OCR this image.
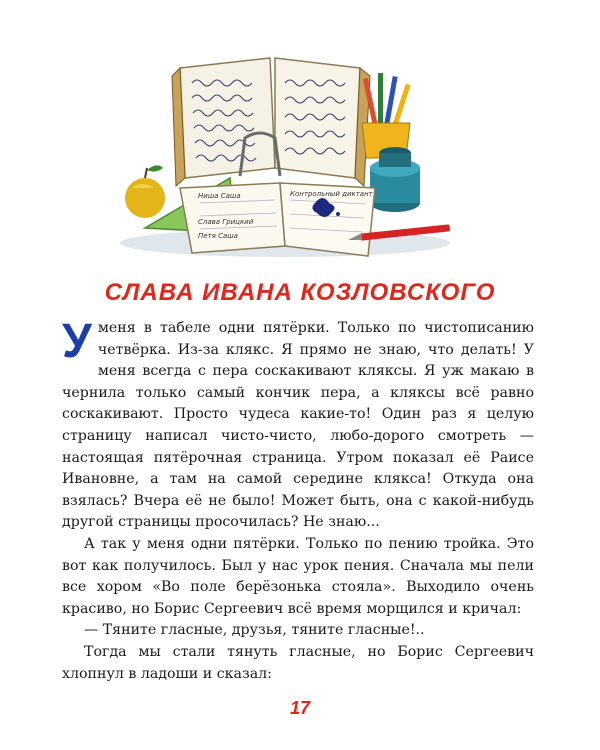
Ниша Саша	Контрольный диктант
Слава Грицкий
Петя Саша
СЛАВА ИВАНА КОЗЛОВСКОГО

Уменя в табеле одни пятёрки. Только по чистописанию четвёрка. Из-за клякс. Я прямо не знаю, что делать! У меня всегда с пера соскакивают кляксы. Я уж макаю в чернила только самый кончик пера, а кляксы всё равно соскакивают. Просто чудеса какие-то! Один раз я целую страницу написал чисто-чисто, любо-дорого смотреть — настоящая пятёрочная страница. Утром показал её Раисе Ивановне, а там на самой середине клякса! Откуда она взялась? Вчера её не было! Может быть, она с какой-нибудь другой страницы просочилась? Не знаю...

А так у меня одни пятёрки. Только по пению тройка. Это вот как получилось. Был у нас урок пения. Сначала мы пели все хором «Во поле берёзонька стояла». Выходило очень красиво, но Борис Сергеевич всё время морщился и кричал:

— Тяните гласные, друзья, тяните гласные!..

Тогда мы стали тянуть гласные, но Борис Сергеевич хлопнул в ладоши и сказал:

17
